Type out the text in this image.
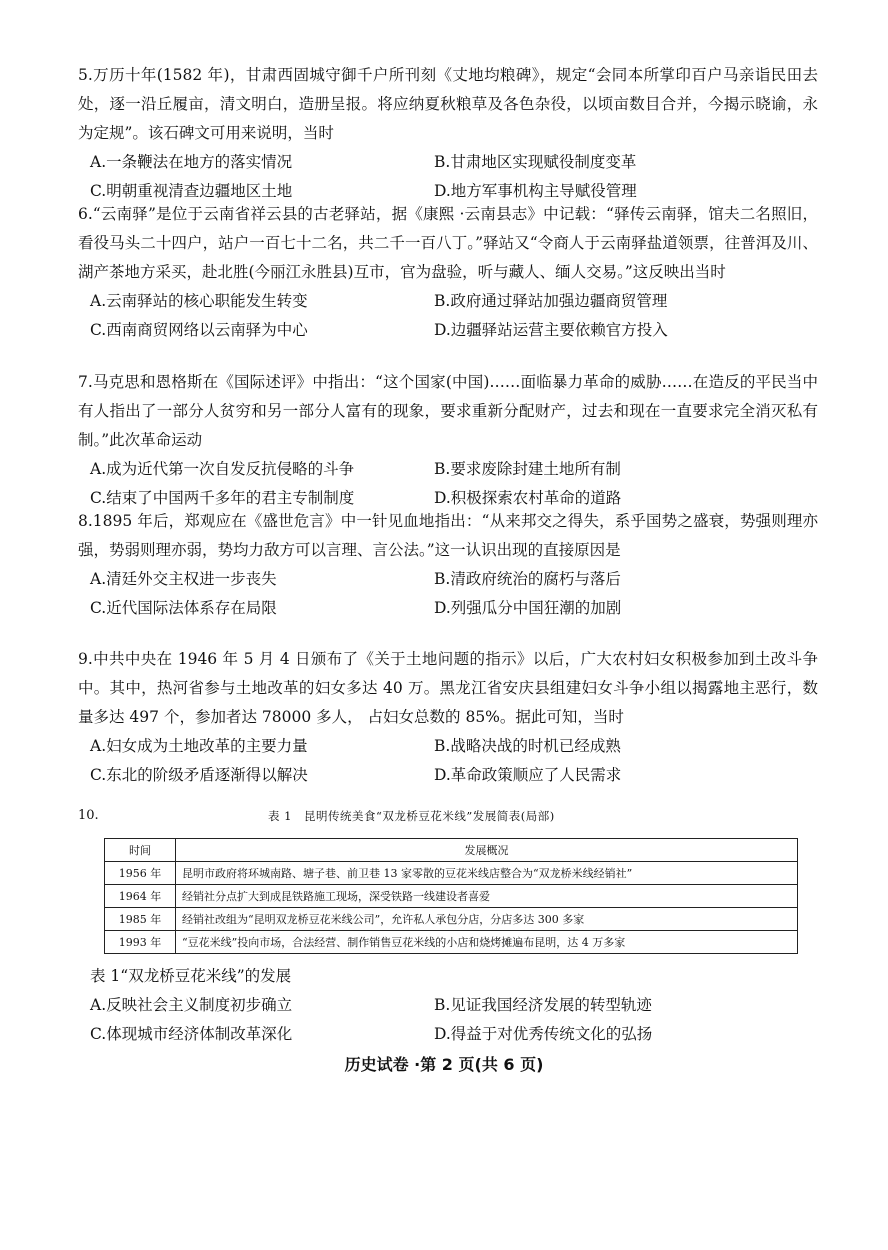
5.万历十年(1582 年)，甘肃西固城守御千户所刊刻《丈地均粮碑》，规定“会同本所掌印百户马亲诣民田去处，逐一沿丘履亩，清文明白，造册呈报。将应纳夏秋粮草及各色杂役，以顷亩数目合并，今揭示晓谕，永为定规”。该石碑文可用来说明，当时

A.一条鞭法在地方的落实情况	B.甘肃地区实现赋役制度变革
C.明朝重视清查边疆地区土地	D.地方军事机构主导赋役管理

6.“云南驿”是位于云南省祥云县的古老驿站，据《康熙 ·云南县志》中记载：“驿传云南驿，馆夫二名照旧，看役马头二十四户，站户一百七十二名，共二千一百八丁。”驿站又“令商人于云南驿盐道领票，往普洱及川、湖产茶地方采买，赴北胜(今丽江永胜县)互市，官为盘验，听与藏人、缅人交易。”这反映出当时

A.云南驿站的核心职能发生转变	B.政府通过驿站加强边疆商贸管理
C.西南商贸网络以云南驿为中心	D.边疆驿站运营主要依赖官方投入

7.马克思和恩格斯在《国际述评》中指出：“这个国家(中国)……面临暴力革命的威胁……在造反的平民当中有人指出了一部分人贫穷和另一部分人富有的现象，要求重新分配财产，过去和现在一直要求完全消灭私有制。”此次革命运动

A.成为近代第一次自发反抗侵略的斗争	B.要求废除封建土地所有制
C.结束了中国两千多年的君主专制制度	D.积极探索农村革命的道路

8.1895 年后，郑观应在《盛世危言》中一针见血地指出：“从来邦交之得失，系乎国势之盛衰，势强则理亦强，势弱则理亦弱，势均力敌方可以言理、言公法。”这一认识出现的直接原因是

A.清廷外交主权进一步丧失	B.清政府统治的腐朽与落后
C.近代国际法体系存在局限	D.列强瓜分中国狂潮的加剧

9.中共中央在 1946 年 5 月 4 日颁布了《关于土地问题的指示》以后，广大农村妇女积极参加到土改斗争中。其中，热河省参与土地改革的妇女多达 40 万。黑龙江省安庆县组建妇女斗争小组以揭露地主恶行，数量多达 497 个，参加者达 78000 多人， 占妇女总数的 85%。据此可知，当时

A.妇女成为土地改革的主要力量	B.战略决战的时机已经成熟
C.东北的阶级矛盾逐渐得以解决	D.革命政策顺应了人民需求
10.	表 1　昆明传统美食“双龙桥豆花米线”发展简表(局部)
时间	发展概况
1956 年	昆明市政府将环城南路、塘子巷、前卫巷 13 家零散的豆花米线店整合为“双龙桥米线经销社”
1964 年	经销社分点扩大到成昆铁路施工现场，深受铁路一线建设者喜爱
1985 年	经销社改组为“昆明双龙桥豆花米线公司”，允许私人承包分店，分店多达 300 多家
1993 年	“豆花米线”投向市场，合法经营、制作销售豆花米线的小店和烧烤摊遍布昆明，达 4 万多家

表 1“双龙桥豆花米线”的发展

A.反映社会主义制度初步确立	B.见证我国经济发展的转型轨迹
C.体现城市经济体制改革深化	D.得益于对优秀传统文化的弘扬
历史试卷 ·第 2 页(共 6 页)
